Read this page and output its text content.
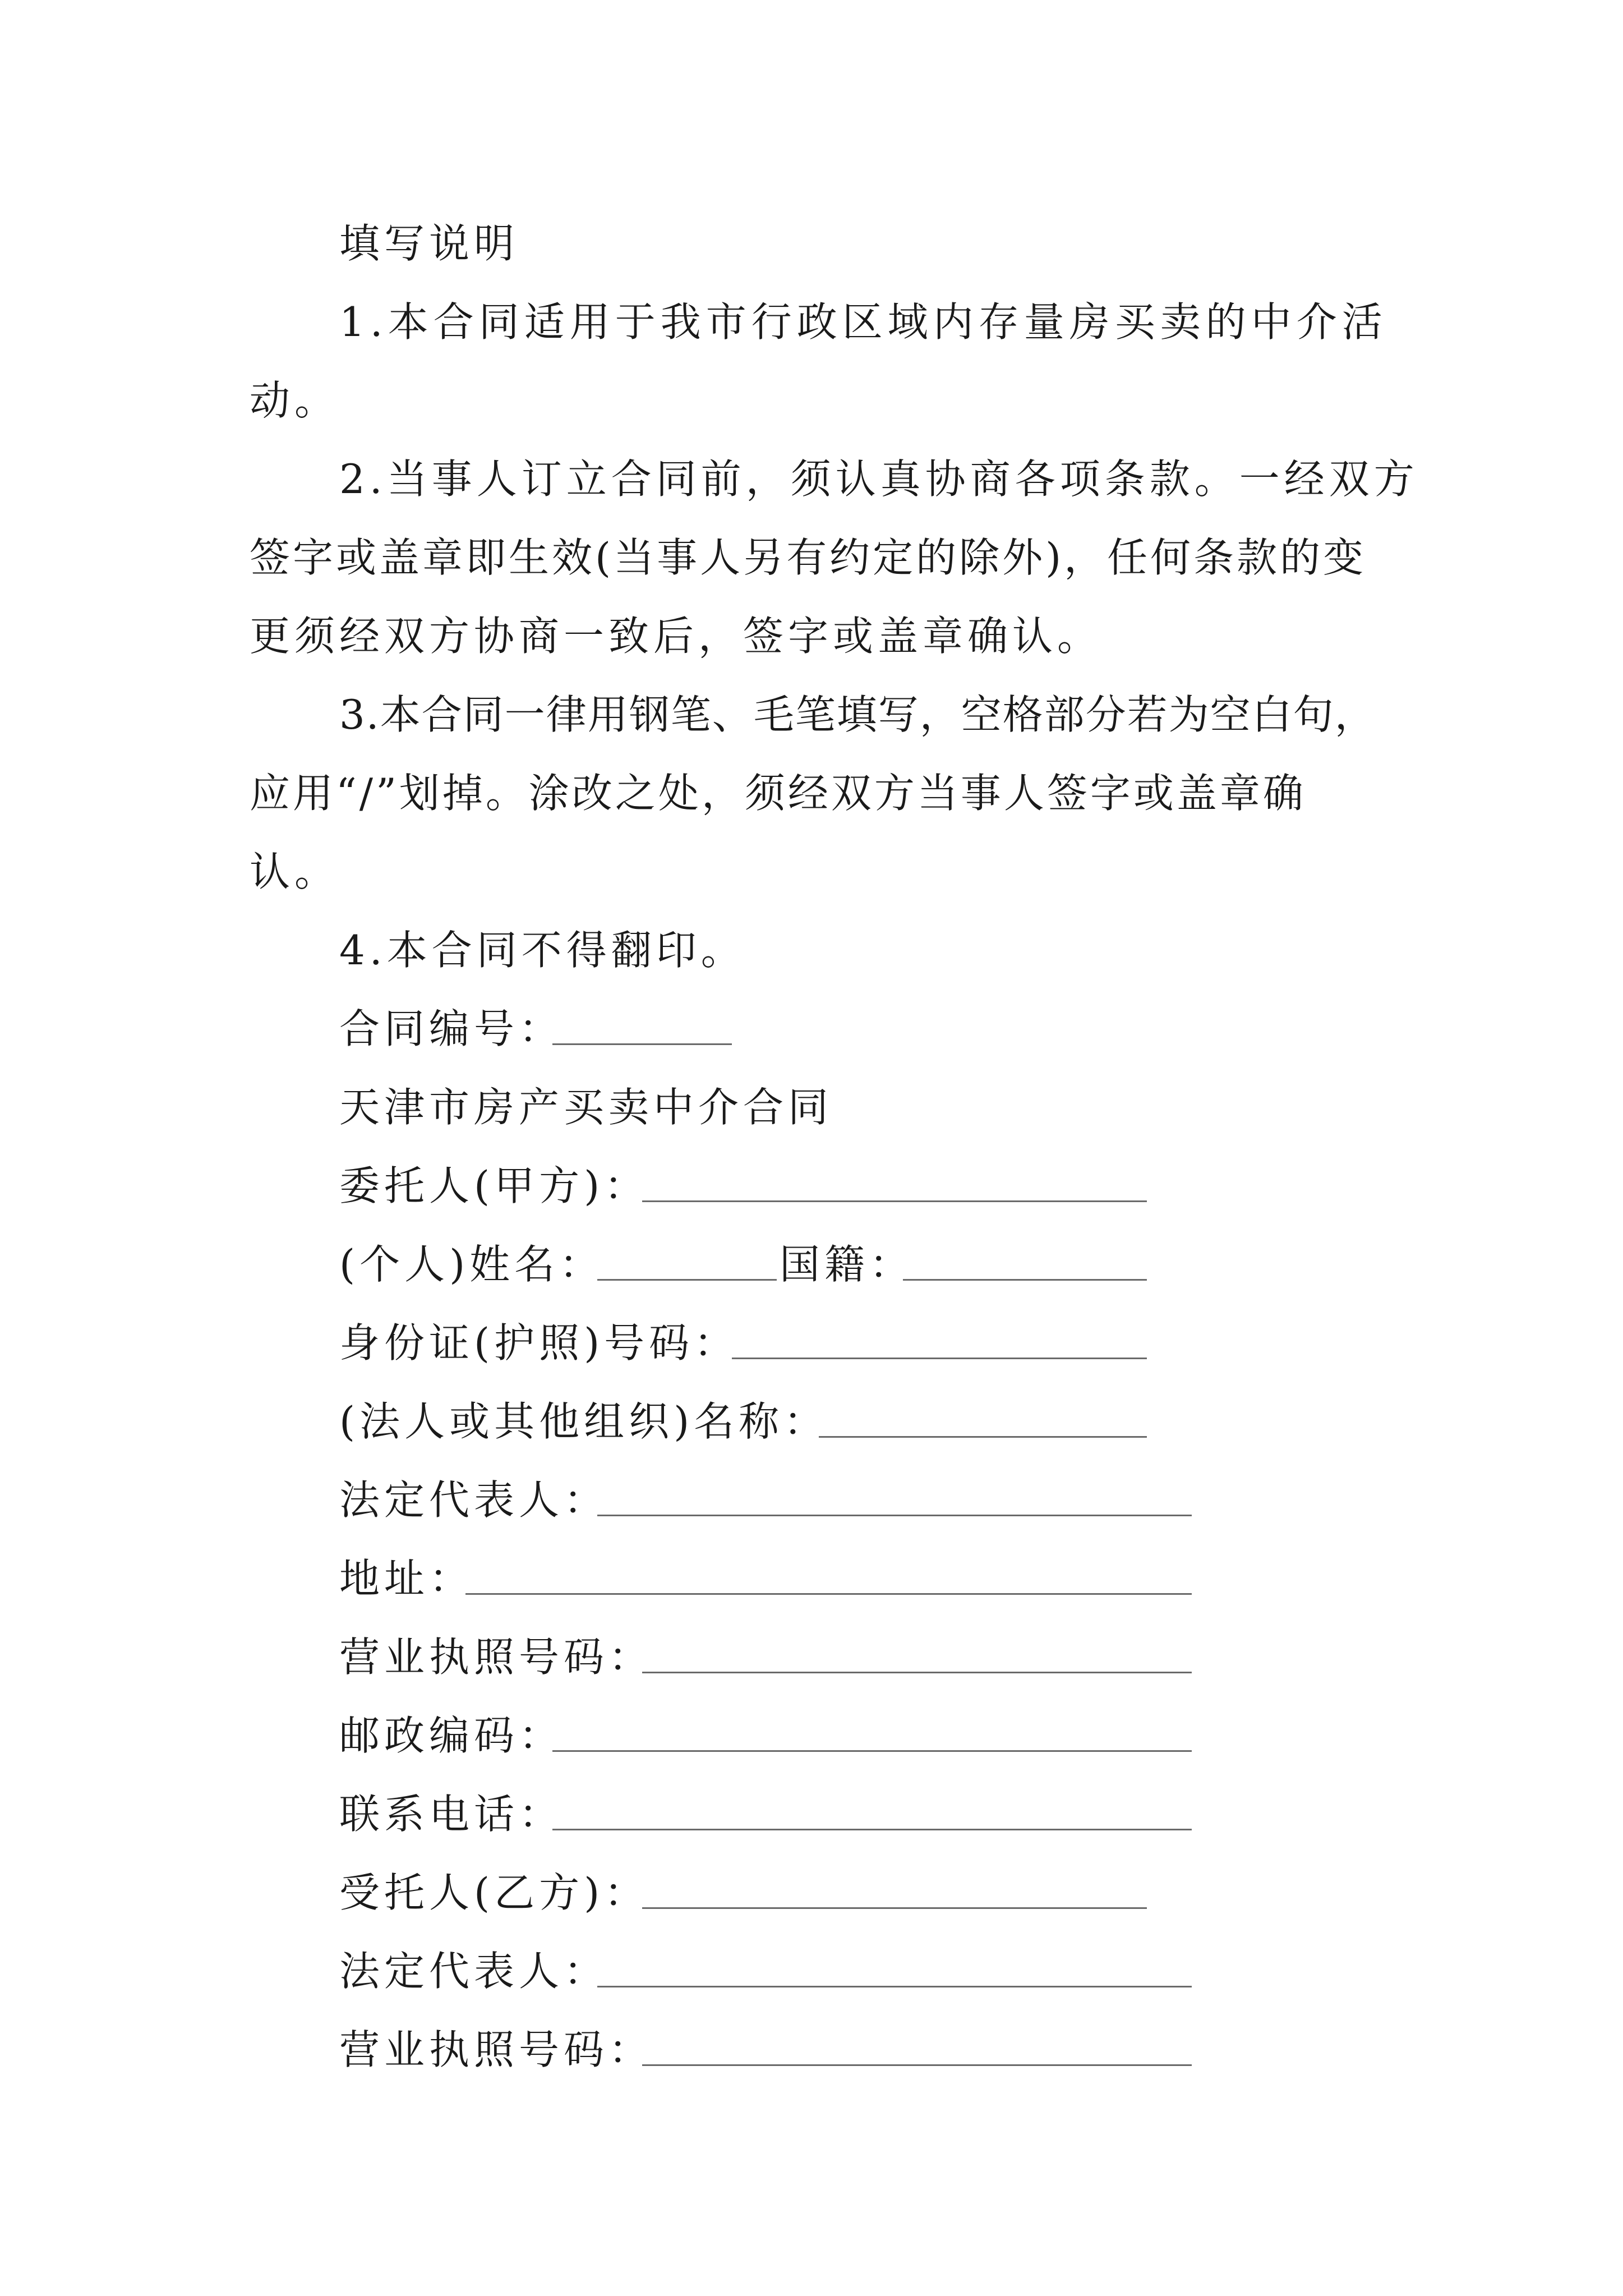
填写说明
1.本合同适用于我市行政区域内存量房买卖的中介活
动。
2.当事人订立合同前，须认真协商各项条款。一经双方
签字或盖章即生效(当事人另有约定的除外)，任何条款的变
更须经双方协商一致后，签字或盖章确认。
3.本合同一律用钢笔、毛笔填写，空格部分若为空白句，
应用“/”划掉。涂改之处，须经双方当事人签字或盖章确
认。
4.本合同不得翻印。
合同编号：
天津市房产买卖中介合同
委托人(甲方)：
(个人)姓名：	国籍：
身份证(护照)号码：
(法人或其他组织)名称：
法定代表人：
地址：
营业执照号码：
邮政编码：
联系电话：
受托人(乙方)：
法定代表人：
营业执照号码：
